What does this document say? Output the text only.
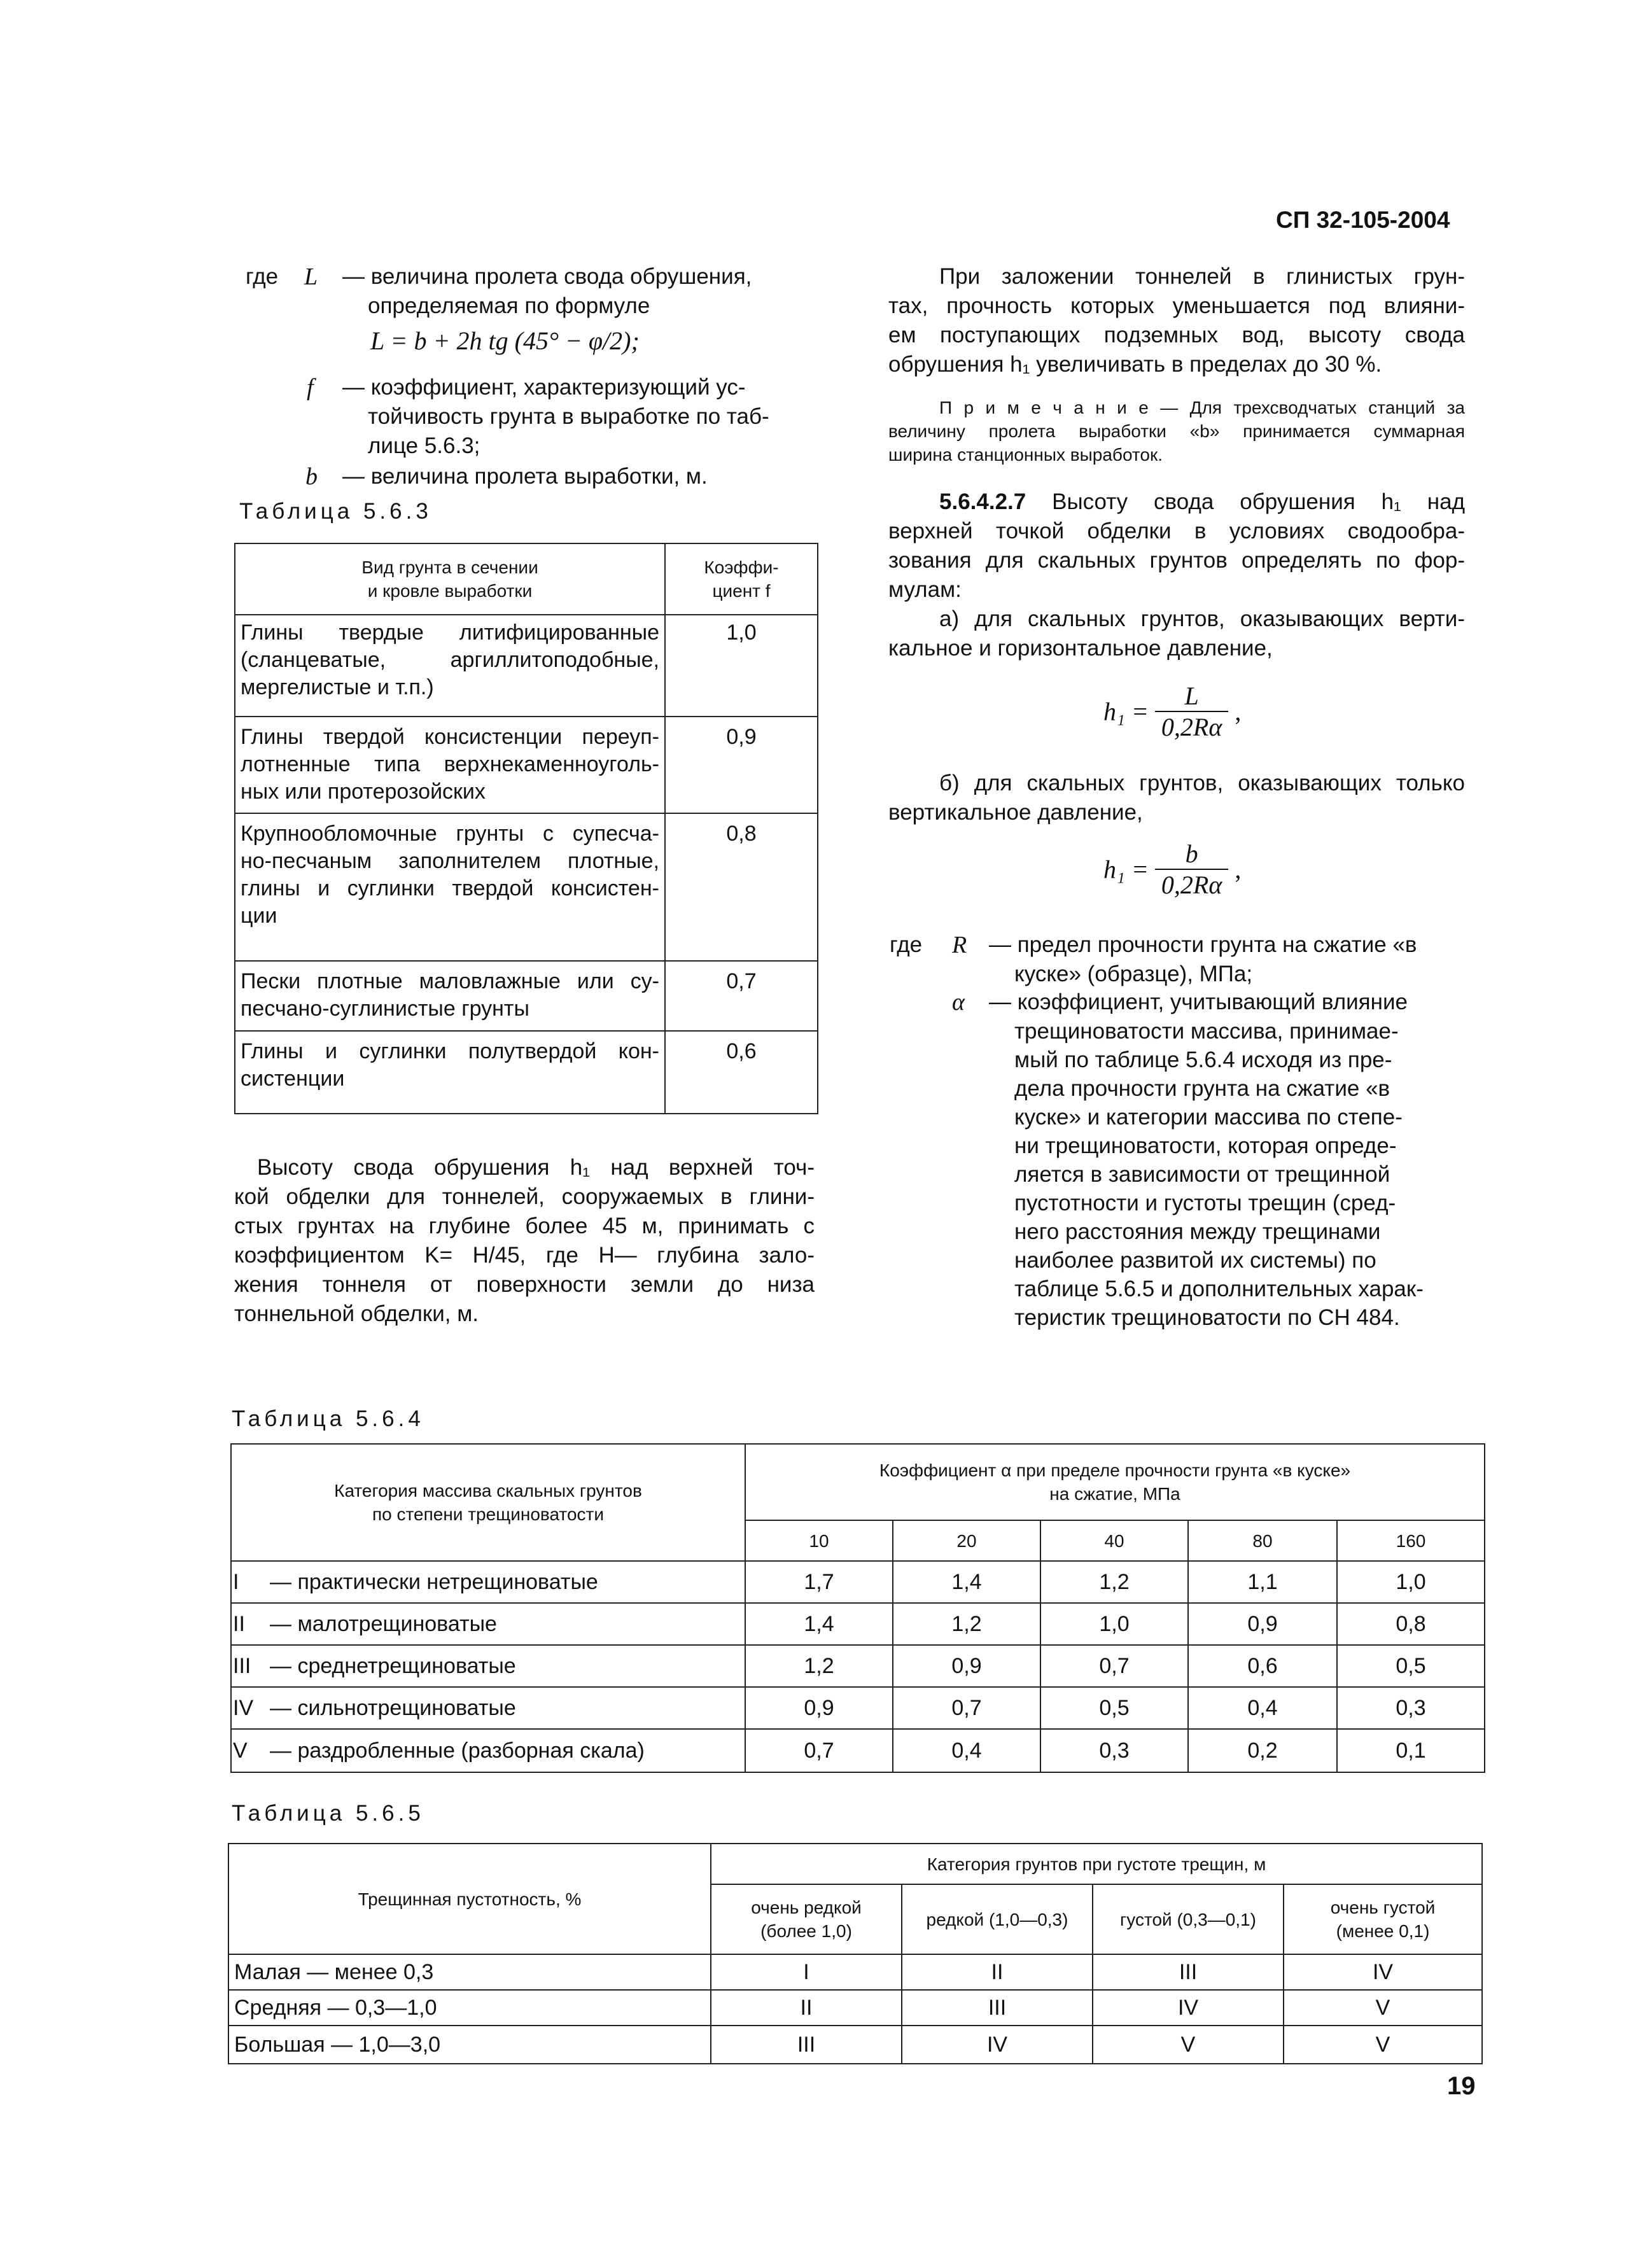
СП 32-105-2004
где L — величина пролета свода обрушения,
определяемая по формуле
L = b + 2h tg (45° − φ/2);
f — коэффициент, характеризующий ус-
тойчивость грунта в выработке по таб-
лице 5.6.3;
b — величина пролета выработки, м.
Таблица 5.6.3
Вид грунта в сечении
и кровле выработки	Коэффи-
циент f

Глины твердые литифицированные
(сланцеватые, аргиллитоподобные,
мергелистые и т.п.)	1,0

Глины твердой консистенции переуп-
лотненные типа верхнекаменноуголь-
ных или протерозойских	0,9

Крупнообломочные грунты с супеcча-
но-песчаным заполнителем плотные,
глины и суглинки твердой консистен-
ции	0,8

Пески плотные маловлажные или су-
песчано-суглинистые грунты	0,7

Глины и суглинки полутвердой кон-
систенции	0,6
Высоту свода обрушения h₁ над верхней точ-
кой обделки для тоннелей, сооружаемых в глини-
стых грунтах на глубине более 45 м, принимать с
коэффициентом K= H/45, где H— глубина зало-
жения тоннеля от поверхности земли до низа
тоннельной обделки, м.
При заложении тоннелей в глинистых грун-
тах, прочность которых уменьшается под влияни-
ем поступающих подземных вод, высоту свода
обрушения h₁ увеличивать в пределах до 30 %.
П р и м е ч а н и е — Для трехсводчатых станций за
величину пролета выработки «b» принимается суммарная
ширина станционных выработок.
5.6.4.2.7 Высоту свода обрушения h₁ над
верхней точкой обделки в условиях сводообра-
зования для скальных грунтов определять по фор-
мулам:
а) для скальных грунтов, оказывающих верти-
кальное и горизонтальное давление,
$h_1 = \frac{L}{0,2R\alpha}$ ,
б) для скальных грунтов, оказывающих только
вертикальное давление,
$h_1 = \frac{b}{0,2R\alpha}$ ,
где R — предел прочности грунта на сжатие «в
куске» (образце), МПа;
α — коэффициент, учитывающий влияние
трещиноватости массива, принимае-
мый по таблице 5.6.4 исходя из пре-
дела прочности грунта на сжатие «в
куске» и категории массива по степе-
ни трещиноватости, которая опреде-
ляется в зависимости от трещинной
пустотности и густоты трещин (сред-
него расстояния между трещинами
наиболее развитой их системы) по
таблице 5.6.5 и дополнительных харак-
теристик трещиноватости по СН 484.
Таблица 5.6.4
Категория массива скальных грунтов
по степени трещиноватости	Коэффициент α при пределе прочности грунта «в куске»
на сжатие, МПа				
	10	20	40	80	160
I — практически нетрещиноватые	1,7	1,4	1,2	1,1	1,0
II — малотрещиноватые	1,4	1,2	1,0	0,9	0,8
III — среднетрещиноватые	1,2	0,9	0,7	0,6	0,5
IV — сильнотрещиноватые	0,9	0,7	0,5	0,4	0,3
V — раздробленные (разборная скала)	0,7	0,4	0,3	0,2	0,1
Таблица 5.6.5
Трещинная пустотность, %	Категория грунтов при густоте трещин, м			
	очень редкой
(более 1,0)	редкой (1,0—0,3)	густой (0,3—0,1)	очень густой
(менее 0,1)
Малая — менее 0,3	I	II	III	IV
Средняя — 0,3—1,0	II	III	IV	V
Большая — 1,0—3,0	III	IV	V	V
19
